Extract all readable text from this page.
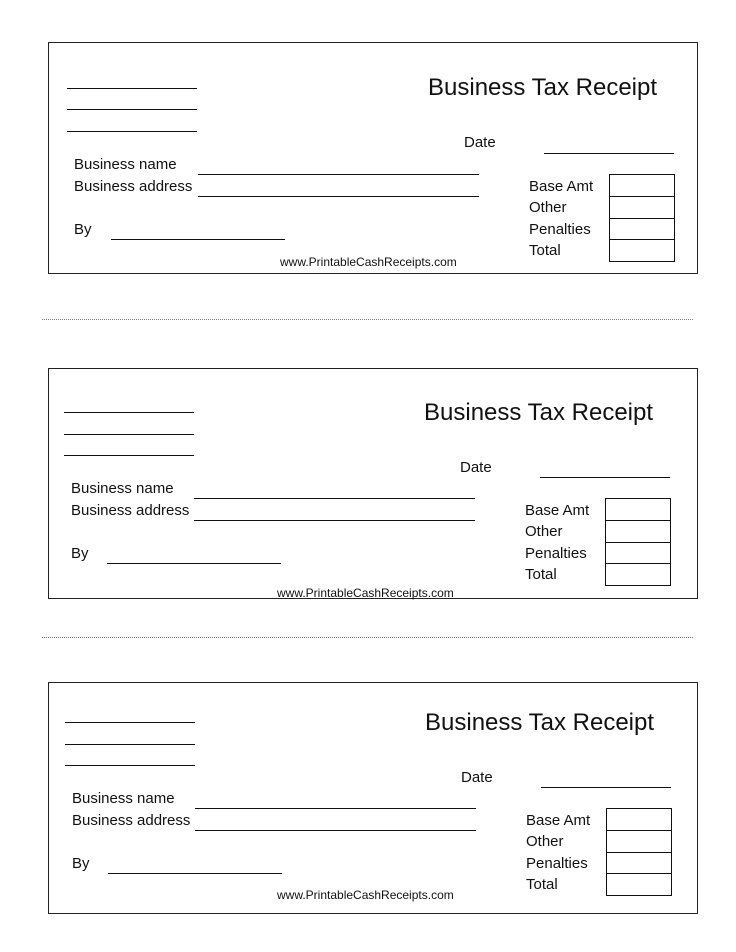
Business Tax Receipt
Date
Business name
Business address
By
Base Amt
Other
Penalties
Total
www.PrintableCashReceipts.com
Business Tax Receipt
Date
Business name
Business address
By
Base Amt
Other
Penalties
Total
www.PrintableCashReceipts.com
Business Tax Receipt
Date
Business name
Business address
By
Base Amt
Other
Penalties
Total
www.PrintableCashReceipts.com
